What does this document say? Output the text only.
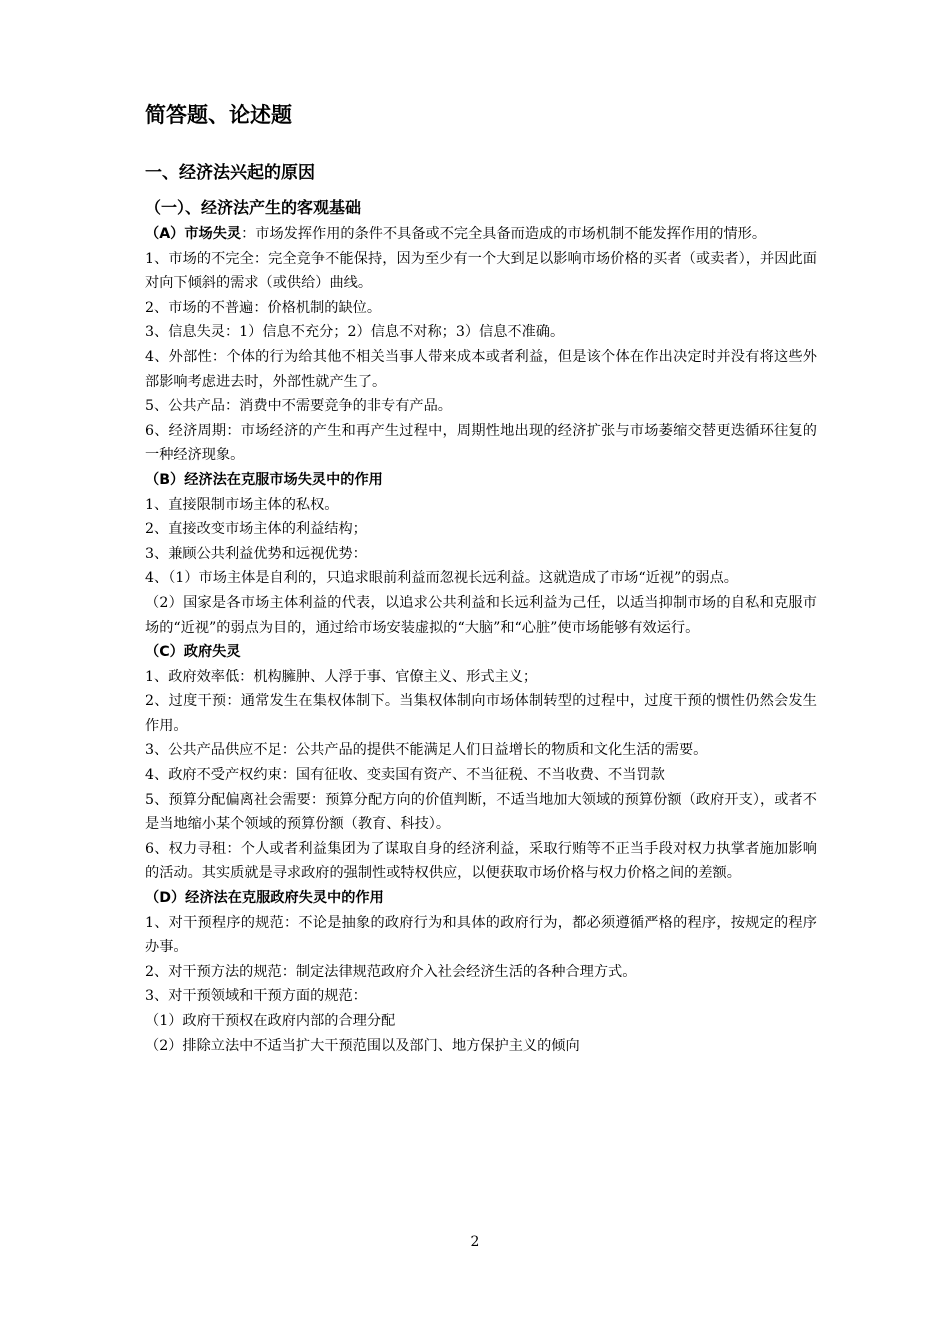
简答题、论述题
一、经济法兴起的原因
（一）、经济法产生的客观基础

（A）市场失灵：市场发挥作用的条件不具备或不完全具备而造成的市场机制不能发挥作用的情形。

1、市场的不完全：完全竞争不能保持，因为至少有一个大到足以影响市场价格的买者（或卖者），并因此面对向下倾斜的需求（或供给）曲线。

2、市场的不普遍：价格机制的缺位。

3、信息失灵：1）信息不充分；2）信息不对称；3）信息不准确。

4、外部性：个体的行为给其他不相关当事人带来成本或者利益，但是该个体在作出决定时并没有将这些外部影响考虑进去时，外部性就产生了。

5、公共产品：消费中不需要竞争的非专有产品。

6、经济周期：市场经济的产生和再产生过程中，周期性地出现的经济扩张与市场萎缩交替更迭循环往复的一种经济现象。

（B）经济法在克服市场失灵中的作用

1、直接限制市场主体的私权。

2、直接改变市场主体的利益结构；

3、兼顾公共利益优势和远视优势：

4、（1）市场主体是自利的，只追求眼前利益而忽视长远利益。这就造成了市场“近视”的弱点。

（2）国家是各市场主体利益的代表，以追求公共利益和长远利益为己任，以适当抑制市场的自私和克服市场的“近视”的弱点为目的，通过给市场安装虚拟的“大脑”和“心脏”使市场能够有效运行。

（C）政府失灵

1、政府效率低：机构臃肿、人浮于事、官僚主义、形式主义；

2、过度干预：通常发生在集权体制下。当集权体制向市场体制转型的过程中，过度干预的惯性仍然会发生作用。

3、公共产品供应不足：公共产品的提供不能满足人们日益增长的物质和文化生活的需要。

4、政府不受产权约束：国有征收、变卖国有资产、不当征税、不当收费、不当罚款

5、预算分配偏离社会需要：预算分配方向的价值判断，不适当地加大领域的预算份额（政府开支），或者不是当地缩小某个领域的预算份额（教育、科技）。

6、权力寻租：个人或者利益集团为了谋取自身的经济利益，采取行贿等不正当手段对权力执掌者施加影响的活动。其实质就是寻求政府的强制性或特权供应，以便获取市场价格与权力价格之间的差额。

（D）经济法在克服政府失灵中的作用

1、对干预程序的规范：不论是抽象的政府行为和具体的政府行为，都必须遵循严格的程序，按规定的程序办事。

2、对干预方法的规范：制定法律规范政府介入社会经济生活的各种合理方式。

3、对干预领域和干预方面的规范：

（1）政府干预权在政府内部的合理分配

（2）排除立法中不适当扩大干预范围以及部门、地方保护主义的倾向

2
